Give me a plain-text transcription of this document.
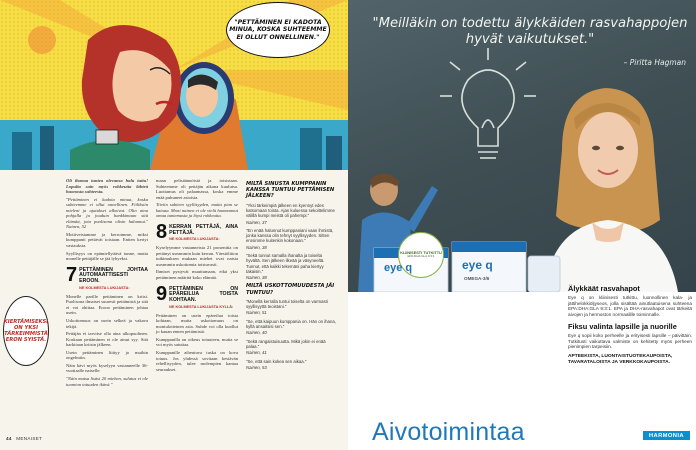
"PETTÄMINEN EI KADOTA MINUA, KOSKA SUHTEEMME EI OLLUT ONNELLINEN."
KIERTÄMISEKSI ON YKSI TÄRKEIMMISTÄ ERON SYISTÄ.

Oli ihanaa tuntea olevansa halu tuttu! Lopulta sain myös rohkeutta lähteä huonosta suhteesta.

"Pettäminen ei kadota minua, koska suhteemme ei ollut onnellinen. Fiiliksiin mieleni ja ajatukset alkoivat. Olin aina pohjalla ja jouduin hankkimaan sitä elämää, jota puolisona olisin halunnut." Nainen, 52

Motiiveistamme ja kerroimme, miksi kumppanit pettävät toisiaan. Eniten kertyi vastauksia.

Syyllisyys on epämiellyttävä tunne, mutta monelle pettäjälle se jää lyhyeksi.

7 PETTÄMINEN JOHTAA AUTOMAATTISESTI EROON.
NE KOLMESTA LUKIJASTA:

Monelle parille pettäminen on kriisi. Puolisona ilmaiset suuresti pettämistä ja sitä ei voi ohittaa. Eroon pettäminen johtaa usein.

Uskottomuus on usein selkeä ja vakava tekijä.

Pettäjän ei tarvitse olla aina ulkopuolinen. Koskaan pettäminen ei ole ainut syy. Sitä harkitaan kriisin jälkeen.

Usein pettäminen liittyy jo muihin ongelmiin.

Näin kävi myös kyselyyn vastanneelle 36-vuotiaalle naiselle:

"Näin mutsa lisäsi 20 miehen, sulatus ei ole tuomion totuuden ikävä."

maan pelisäännöistä ja toisistaan. Suhteemme oli pettäjän aikana kuuluisa. Luottamus oli palaamassa, koska emme enää puhuneet asioista.

Tiiviin suhteen syyllisyyden, mutta pian se katoaa. Moni nainen ei ole vielä huomannut omaa tuntemusta ja löysi rohkeutta.

8 KERRAN PETTÄJÄ, AINA PETTÄJÄ.
NE KOLMESTA LUKIJASTA:

Kyselyymme vastanneista 21 prosenttia on pettänyt useammin kuin kerran. Väestöliiton tutkimuksen mukaan miehet ovat naisia useammin uskottomia toistuvasti.

Ihmiset pystyvät muuttumaan, eikä yksi pettäminen määritä koko elämää.

9 PETTÄMINEN ON EPÄREILUA TOISTA KOHTAAN.
NE KOLMESTA LUKIJASTA KYLLÄ:

Pettäminen on usein epäreilua toista kohtaan, mutta uskottomuus on moniulotteinen asia. Suhde voi olla kuollut jo kauan ennen pettämistä.

Kumppanilla on oikeus totuuteen, mutta se voi myös satuttaa.

Kumppanille aiheutuva tuska on kova totuus. Jos yhdessä sovitaan kestävän rehellisyyden, tulee molempien kantaa seuraukset.

MILTÄ SINUSTA KUMPPANIN KANSSA TUNTUU PETTÄMISEN JÄLKEEN?

"Yksi tärkeimpiä jälkeen en kyennyt edes katsomaan toista. Ajan kuluessa sekoittelimme välillä kumpi meistä oli pahempi."

Nainen, 37

"En enää halunnut kumppaniani vaan ihmistä, jonka kanssa olin tehnyt syyllisyyden. Sitten erosimme kuitenkin kokonaan."

Nainen, 38

"Sekä tunnut samalla ihanalta ja toiselta hyvältä. Sen jälkeen ilkeää ja väsyneeltä. Tunnut, että kaikki tekemäni paha kiertyy takaisin."

Nainen, 38

MILTÄ USKOTTOMUUDESTA JÄI TUNTUU?

"Monellä kerralla tuntui toiselta on varmasti syyllisyyttä teoistani."

Nainen, 51

"Se, että kaipuun kumppania on. Hän on ihana, kyllä ansaitsisi sen."

Nainen, 40

"Sekä rangaistuisuutta. Mikä jokin ei enää palaa."

Nainen, 41

"Se, että sain kokea sen aikaa."

Nainen, 53

44 MENAISET
"Meilläkin on todettu älykkäiden rasvahappojen hyvät vaikutukset."
– Piritta Hagman
KLIINISESTI TUTKITTU
EPA:DHA:GLA 9:3:1
eye q	eye q
OMEGA-3/6
Älykkäät rasvahapot

Eye q on kliinisesti tutkittu, luonnollinen kala- ja jättihelokkiöljyseos, jolla sisältää ainutlaatuisena suhteena EPA:DHA:GLA 9:3:1. EPA ja DHA-rasvahapot ovat tärkeitä aivojen ja hermoston normaalille toiminnalle.

Fiksu valinta lapsille ja nuorille

Eye q sopii koko perheelle ja erityisesti lapsille – päivittäin. Tutkitusti vaikuttava valmiste on kehitetty myös perheen pienimpien tarpeisiin.

APTEEKISTA, LUONTAISTUOTEKAUPOISTA, TAVARATALOISTA JA VERKKOKAUPOISTA.

Aivotoimintaa	HARMONIA
